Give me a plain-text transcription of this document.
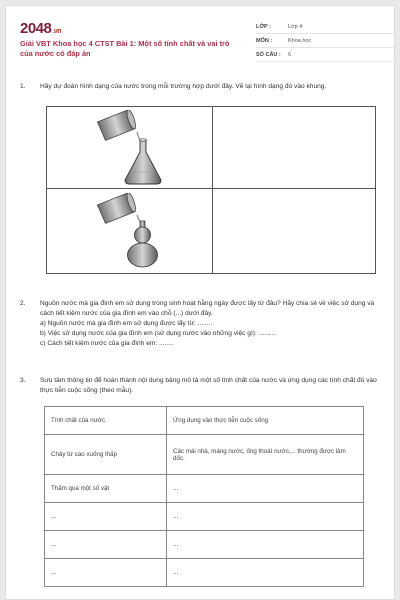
2048.vn
Giải VBT Khoa học 4 CTST Bài 1: Một số tính chất và vai trò của nước có đáp án
LỚP :	Lớp 4
MÔN :	Khoa học
SỐ CÂU :	6
1.	Hãy dự đoán hình dạng của nước trong mỗi trường hợp dưới đây. Vẽ lại hình dạng đó vào khung.
2.	Nguồn nước mà gia đình em sử dụng trong sinh hoạt hằng ngày được lấy từ đâu? Hãy chia sẻ về việc sử dụng và cách tiết kiệm nước của gia đình em vào chỗ (...) dưới đây.
a) Nguồn nước mà gia đình em sử dụng được lấy từ: ........
b) Việc sử dụng nước của gia đình em (sử dụng nước vào những việc gì): .........
c) Cách tiết kiệm nước của gia đình em: ........
3.	Sưu tầm thông tin để hoàn thành nội dung bảng mô tả một số tính chất của nước và ứng dụng các tính chất đó vào thực tiễn cuộc sống (theo mẫu).
Tính chất của nước	Ứng dụng vào thực tiễn cuộc sống
Chảy từ cao xuống thấp	Các mái nhà, máng nước, ống thoát nước,... thường được làm dốc.
Thấm qua một số vật	...
...	...
...	...
...	...
